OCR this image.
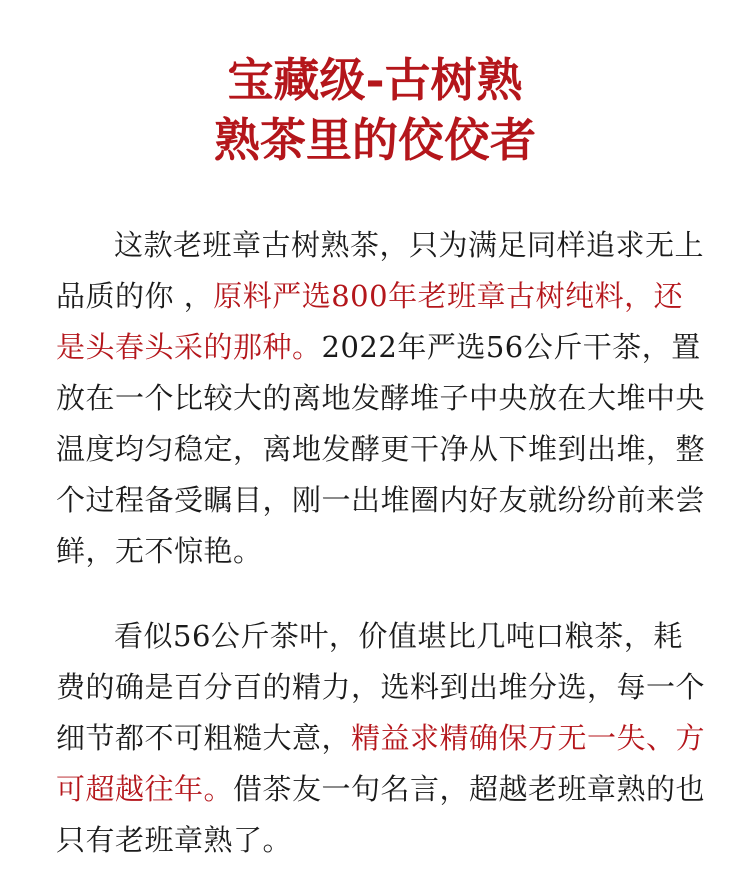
宝藏级-古树熟
熟茶里的佼佼者

这款老班章古树熟茶，只为满足同样追求无上品质的你 ，原料严选800年老班章古树纯料，还是头春头采的那种。2022年严选56公斤干茶，置放在一个比较大的离地发酵堆子中央放在大堆中央温度均匀稳定，离地发酵更干净从下堆到出堆，整个过程备受瞩目，刚一出堆圈内好友就纷纷前来尝鲜，无不惊艳。

看似56公斤茶叶，价值堪比几吨口粮茶，耗费的确是百分百的精力，选料到出堆分选，每一个细节都不可粗糙大意，精益求精确保万无一失、方可超越往年。借茶友一句名言，超越老班章熟的也只有老班章熟了。
